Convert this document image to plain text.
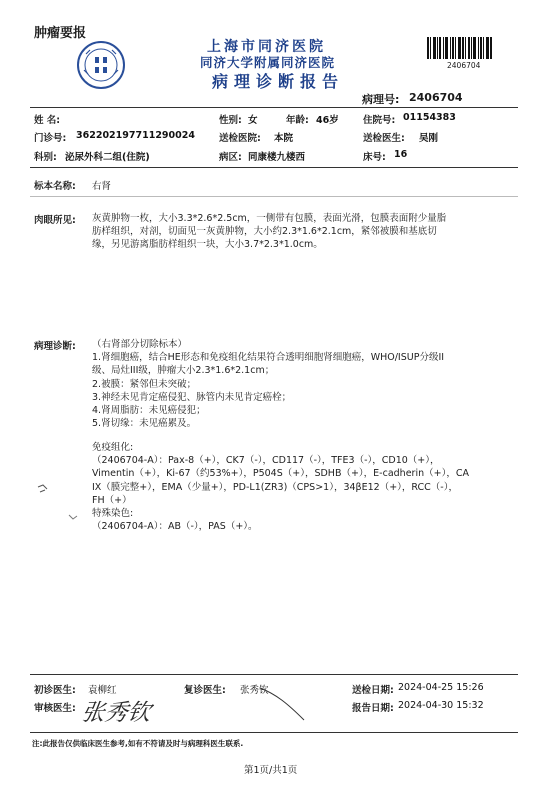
肿瘤要报
上海市同济医院
同济大学附属同济医院
病理诊断报告
2406704
病理号: 2406704
姓 名:	性别: 女	年龄: 46岁	住院号: 01154383
门诊号: 362202197711290024	送检医院: 本院	送检医生: 吴刚
科别: 泌尿外科二组(住院)	病区: 同康楼九楼西	床号: 16
标本名称: 右肾
肉眼所见: 灰黄肿物一枚，大小3.3*2.6*2.5cm，一侧带有包膜，表面光滑，包膜表面附少量脂
肪样组织，对剖，切面见一灰黄肿物，大小约2.3*1.6*2.1cm，紧邻被膜和基底切
缘，另见游离脂肪样组织一块，大小3.7*2.3*1.0cm。
病理诊断: （右肾部分切除标本）
1.肾细胞癌，结合HE形态和免疫组化结果符合透明细胞肾细胞癌，WHO/ISUP分级II
级、局灶III级，肿瘤大小2.3*1.6*2.1cm；
2.被膜：紧邻但未突破；
3.神经未见肯定癌侵犯、脉管内未见肯定癌栓；
4.肾周脂肪：未见癌侵犯；
5.肾切缘：未见癌累及。
免疫组化:
（2406704-A）：Pax-8（+），CK7（-），CD117（-），TFE3（-），CD10（+），
Vimentin（+），Ki-67（约53%+），P504S（+），SDHB（+），E-cadherin（+），CA
IX（膜完整+），EMA（少量+），PD-L1(ZR3)（CPS>1），34βE12（+），RCC（-），
FH（+）
特殊染色:
（2406704-A）：AB（-），PAS（+）。
初诊医生: 袁柳红	复诊医生: 张秀钦	送检日期: 2024-04-25 15:26
审核医生: 张秀钦	报告日期: 2024-04-30 15:32
注:此报告仅供临床医生参考,如有不符请及时与病理科医生联系.
第1页/共1页
